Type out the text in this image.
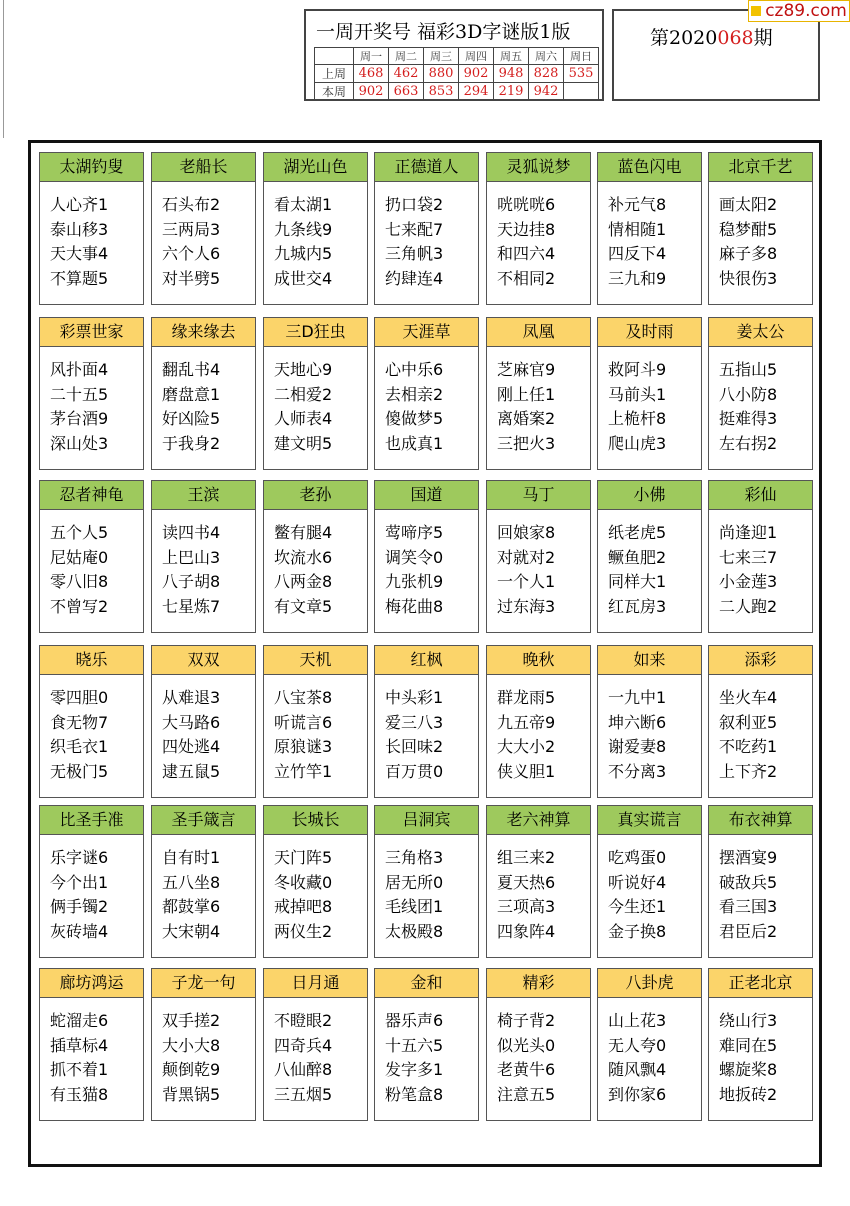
一周开奖号 福彩3D字谜版1版
	周一	周二	周三	周四	周五	周六	周日
上周	468	462	880	902	948	828	535
本周	902	663	853	294	219	942	
第2020068期
cz89.com
太湖钓叟
人心齐1
泰山移3
天大事4
不算题5
老船长
石头布2
三两局3
六个人6
对半劈5
湖光山色
看太湖1
九条线9
九城内5
成世交4
正德道人
扔口袋2
七来配7
三角帆3
约肆连4
灵狐说梦
咣咣咣6
天边挂8
和四六4
不相同2
蓝色闪电
补元气8
情相随1
四反下4
三九和9
北京千艺
画太阳2
稳梦酣5
麻子多8
快很伤3
彩票世家
风扑面4
二十五5
茅台酒9
深山处3
缘来缘去
翻乱书4
磨盘意1
好凶险5
于我身2
三D狂虫
天地心9
二相爱2
人师表4
建文明5
天涯草
心中乐6
去相亲2
傻做梦5
也成真1
凤凰
芝麻官9
刚上任1
离婚案2
三把火3
及时雨
救阿斗9
马前头1
上桅杆8
爬山虎3
姜太公
五指山5
八小防8
挺难得3
左右拐2
忍者神龟
五个人5
尼姑庵0
零八旧8
不曾写2
王滨
读四书4
上巴山3
八子胡8
七星炼7
老孙
鳖有腿4
坎流水6
八两金8
有文章5
国道
莺啼序5
调笑令0
九张机9
梅花曲8
马丁
回娘家8
对就对2
一个人1
过东海3
小佛
纸老虎5
鳜鱼肥2
同样大1
红瓦房3
彩仙
尚逢迎1
七来三7
小金莲3
二人跑2
晓乐
零四胆0
食无物7
织毛衣1
无极门5
双双
从难退3
大马路6
四处逃4
逮五鼠5
天机
八宝茶8
听谎言6
原狼谜3
立竹竿1
红枫
中头彩1
爱三八3
长回味2
百万贯0
晚秋
群龙雨5
九五帝9
大大小2
侠义胆1
如来
一九中1
坤六断6
谢爱妻8
不分离3
添彩
坐火车4
叙利亚5
不吃药1
上下齐2
比圣手准
乐字谜6
今个出1
俩手镯2
灰砖墙4
圣手箴言
自有时1
五八坐8
都鼓掌6
大宋朝4
长城长
天门阵5
冬收藏0
戒掉吧8
两仪生2
吕洞宾
三角格3
居无所0
毛线团1
太极殿8
老六神算
组三来2
夏天热6
三项高3
四象阵4
真实谎言
吃鸡蛋0
听说好4
今生还1
金子换8
布衣神算
摆酒宴9
破敌兵5
看三国3
君臣后2
廊坊鸿运
蛇溜走6
插草标4
抓不着1
有玉猫8
子龙一句
双手搓2
大小大8
颠倒乾9
背黑锅5
日月通
不瞪眼2
四奇兵4
八仙醉8
三五烟5
金和
器乐声6
十五六5
发字多1
粉笔盒8
精彩
椅子背2
似光头0
老黄牛6
注意五5
八卦虎
山上花3
无人夸0
随风飘4
到你家6
正老北京
绕山行3
难同在5
螺旋桨8
地扳砖2
